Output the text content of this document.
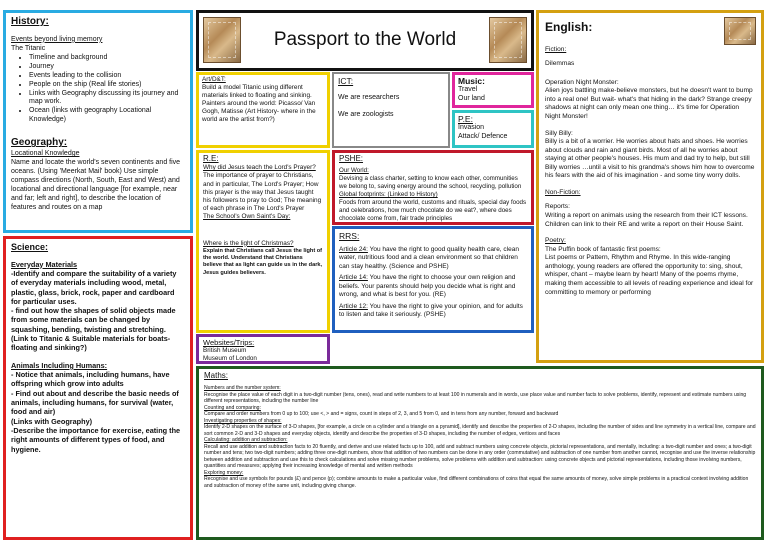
History:
Events beyond living memory

The Titanic

• Timeline and background
• Journey
• Events leading to the collision
• People on the ship (Real life stories)
• Links with Geography discussing its journey and map work.
• Ocean (links with geography Locational Knowledge)
Geography:
Locational Knowledge

Name and locate the world's seven continents and five oceans. (Using 'Meerkat Mail' book) Use simple compass directions (North, South, East and West) and locational and directional language [for example, near and far; left and right], to describe the location of features and routes on a map

Science:
Everyday Materials

-Identify and compare the suitability of a variety of everyday materials including wood, metal, plastic, glass, brick, rock, paper and cardboard for particular uses.

- find out how the shapes of solid objects made from some materials can be changed by squashing, bending, twisting and stretching.

(Link to Titanic & Suitable materials for boats- floating and sinking?)

Animals Including Humans:

- Notice that animals, including humans, have offspring which grow into adults

- Find out about and describe the basic needs of animals, including humans, for survival (water, food and air)

(Links with Geography)

-Describe the importance for exercise, eating the right amounts of different types of food, and hygiene.

Passport to the World
Art/D&T:

Build a model Titanic using different materials linked to floating and sinking. Painters around the world: Picasso/ Van Gogh, Matisse (Art History- where in the world are the artist from?)

ICT:

We are researchers

We are zoologists

Music:

Travel

Our land

P.E:

Invasion

Attack/ Defence

R.E:
Why did Jesus teach the Lord's Prayer?

The importance of prayer to Christians, and in particular, The Lord's Prayer; How this prayer is the way that Jesus taught his followers to pray to God; The meaning of each phrase in The Lord's Prayer

The School's Own Saint's Day:
Where is the light of Christmas?

Explain that Christians call Jesus the light of the world. Understand that Christians believe that as light can guide us in the dark, Jesus guides believers.

PSHE:
Our World:

Devising a class charter, setting to know each other, communities we belong to, saving energy around the school, recycling, pollution

Global footprints: (Linked to History)

Foods from around the world, customs and rituals, special day foods and celebrations, how much chocolate do we eat?, where does chocolate come from, fair trade principles

RRS:

Article 24: You have the right to good quality health care, clean water, nutritious food and a clean environment so that children can stay healthy. (Science and PSHE)

Article 14: You have the right to choose your own religion and beliefs. Your parents should help you decide what is right and wrong, and what is best for you. (RE)

Article 12: You have the right to give your opinion, and for adults to listen and take it seriously. (PSHE)

Websites/Trips:

British Museum

Museum of London

English:
Fiction:

Dilemmas

Operation Night Monster:

Alien joys battling make-believe monsters, but he doesn't want to bump into a real one! But wait- what's that hiding in the dark? Strange creepy shadows at night can only mean one thing… it's time for Operation Night Monster!

Silly Billy:

Billy is a bit of a worrier. He worries about hats and shoes. He worries about clouds and rain and giant birds. Most of all he worries about staying at other people's houses. His mum and dad try to help, but still Billy worries …until a visit to his grandma's shows him how to overcome his fears with the aid of his imagination - and some tiny worry dolls.

Non-Fiction:

Reports:

Writing a report on animals using the research from their ICT lessons. Children can link to their RE and write a report on their House Saint.

Poetry:

The Puffin book of fantastic first poems:

List poems or Pattern, Rhythm and Rhyme. In this wide-ranging anthology, young readers are offered the opportunity to: sing, shout, whisper, chant – maybe learn by heart! Many of the poems rhyme, making them accessible to all levels of reading experience and ideal for committing to memory or performing

Maths:
Numbers and the number system:

Recognise the place value of each digit in a two-digit number (tens, ones), read and write numbers to at least 100 in numerals and in words, use place value and number facts to solve problems, identify, represent and estimate numbers using different representations, including the number line

Counting and comparing:

Compare and order numbers from 0 up to 100; use <, > and = signs, count in steps of 2, 3, and 5 from 0, and in tens from any number, forward and backward

Investigating properties of shapes:

Identify 2-D shapes on the surface of 3-D shapes, [for example, a circle on a cylinder and a triangle on a pyramid], identify and describe the properties of 2-D shapes, including the number of sides and line symmetry in a vertical line, compare and sort common 2-D and 3-D shapes and everyday objects, identify and describe the properties of 3-D shapes, including the number of edges, vertices and faces

Calculating: addition and subtraction:

Recall and use addition and subtraction facts to 20 fluently, and derive and use related facts up to 100, add and subtract numbers using concrete objects, pictorial representations, and mentally, including: a two-digit number and ones; a two-digit number and tens; two two-digit numbers; adding three one-digit numbers, show that addition of two numbers can be done in any order (commutative) and subtraction of one number from another cannot, recognise and use the inverse relationship between addition and subtraction and use this to check calculations and solve missing number problems, solve problems with addition and subtraction: using concrete objects and pictorial representations, including those involving numbers, quantities and measures; applying their increasing knowledge of mental and written methods

Exploring money:

Recognise and use symbols for pounds (£) and pence (p); combine amounts to make a particular value, find different combinations of coins that equal the same amounts of money, solve simple problems in a practical context involving addition and subtraction of money of the same unit, including giving change.
